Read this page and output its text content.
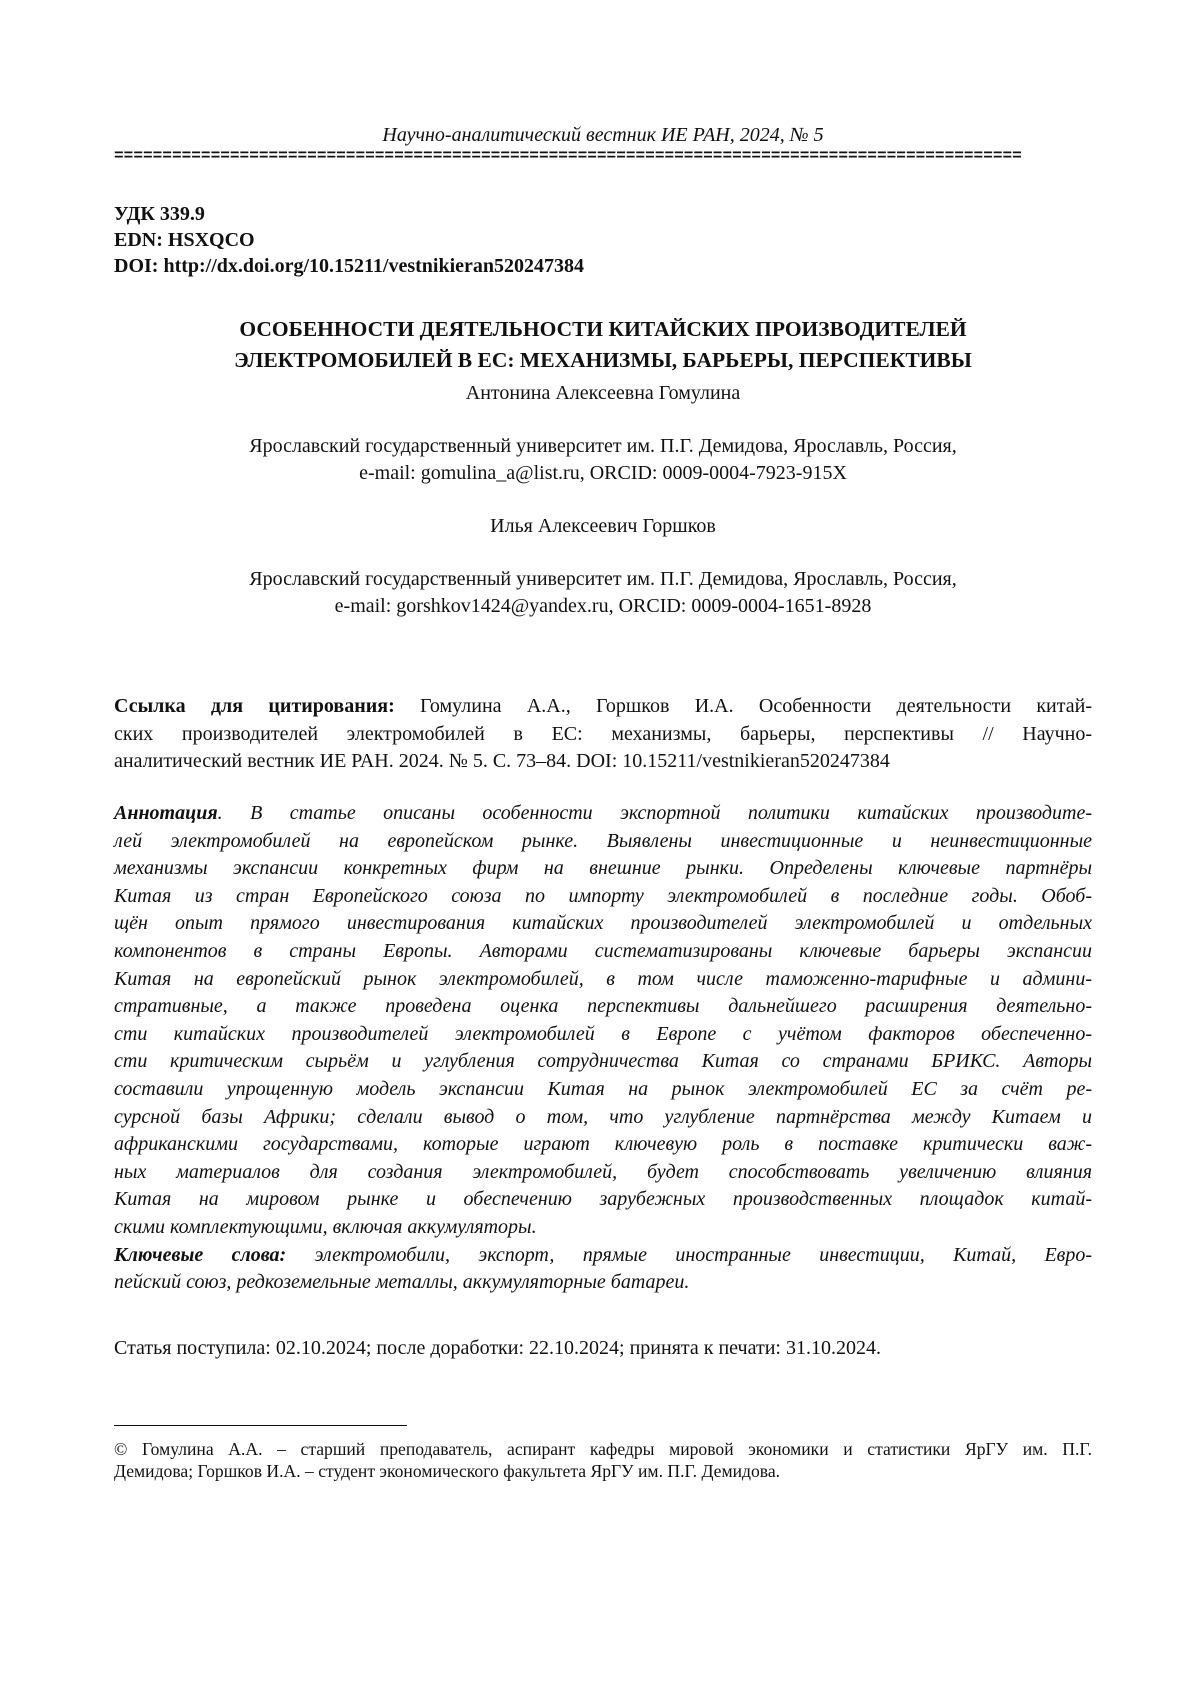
Научно-аналитический вестник ИЕ РАН, 2024, № 5
==============================================================================================
УДК 339.9
EDN: HSXQCO
DOI: http://dx.doi.org/10.15211/vestnikieran520247384
ОСОБЕННОСТИ ДЕЯТЕЛЬНОСТИ КИТАЙСКИХ ПРОИЗВОДИТЕЛЕЙ
ЭЛЕКТРОМОБИЛЕЙ В ЕС: МЕХАНИЗМЫ, БАРЬЕРЫ, ПЕРСПЕКТИВЫ
Антонина Алексеевна Гомулина
Ярославский государственный университет им. П.Г. Демидова, Ярославль, Россия,
e-mail: gomulina_a@list.ru, ORCID: 0009-0004-7923-915X
Илья Алексеевич Горшков
Ярославский государственный университет им. П.Г. Демидова, Ярославль, Россия,
e-mail: gorshkov1424@yandex.ru, ORCID: 0009-0004-1651-8928
Ссылка для цитирования: Гомулина А.А., Горшков И.А. Особенности деятельности китай-
ских производителей электромобилей в ЕС: механизмы, барьеры, перспективы // Научно-
аналитический вестник ИЕ РАН. 2024. № 5. С. 73–84. DOI: 10.15211/vestnikieran520247384
Аннотация. В статье описаны особенности экспортной политики китайских производите-
лей электромобилей на европейском рынке. Выявлены инвестиционные и неинвестиционные
механизмы экспансии конкретных фирм на внешние рынки. Определены ключевые партнёры
Китая из стран Европейского союза по импорту электромобилей в последние годы. Обоб-
щён опыт прямого инвестирования китайских производителей электромобилей и отдельных
компонентов в страны Европы. Авторами систематизированы ключевые барьеры экспансии
Китая на европейский рынок электромобилей, в том числе таможенно-тарифные и админи-
стративные, а также проведена оценка перспективы дальнейшего расширения деятельно-
сти китайских производителей электромобилей в Европе с учётом факторов обеспеченно-
сти критическим сырьём и углубления сотрудничества Китая со странами БРИКС. Авторы
составили упрощенную модель экспансии Китая на рынок электромобилей ЕС за счёт ре-
сурсной базы Африки; сделали вывод о том, что углубление партнёрства между Китаем и
африканскими государствами, которые играют ключевую роль в поставке критически важ-
ных материалов для создания электромобилей, будет способствовать увеличению влияния
Китая на мировом рынке и обеспечению зарубежных производственных площадок китай-
скими комплектующими, включая аккумуляторы.
Ключевые слова: электромобили, экспорт, прямые иностранные инвестиции, Китай, Евро-
пейский союз, редкоземельные металлы, аккумуляторные батареи.
Статья поступила: 02.10.2024; после доработки: 22.10.2024; принята к печати: 31.10.2024.
© Гомулина А.А. – старший преподаватель, аспирант кафедры мировой экономики и статистики ЯрГУ им. П.Г.
Демидова; Горшков И.А. – студент экономического факультета ЯрГУ им. П.Г. Демидова.
